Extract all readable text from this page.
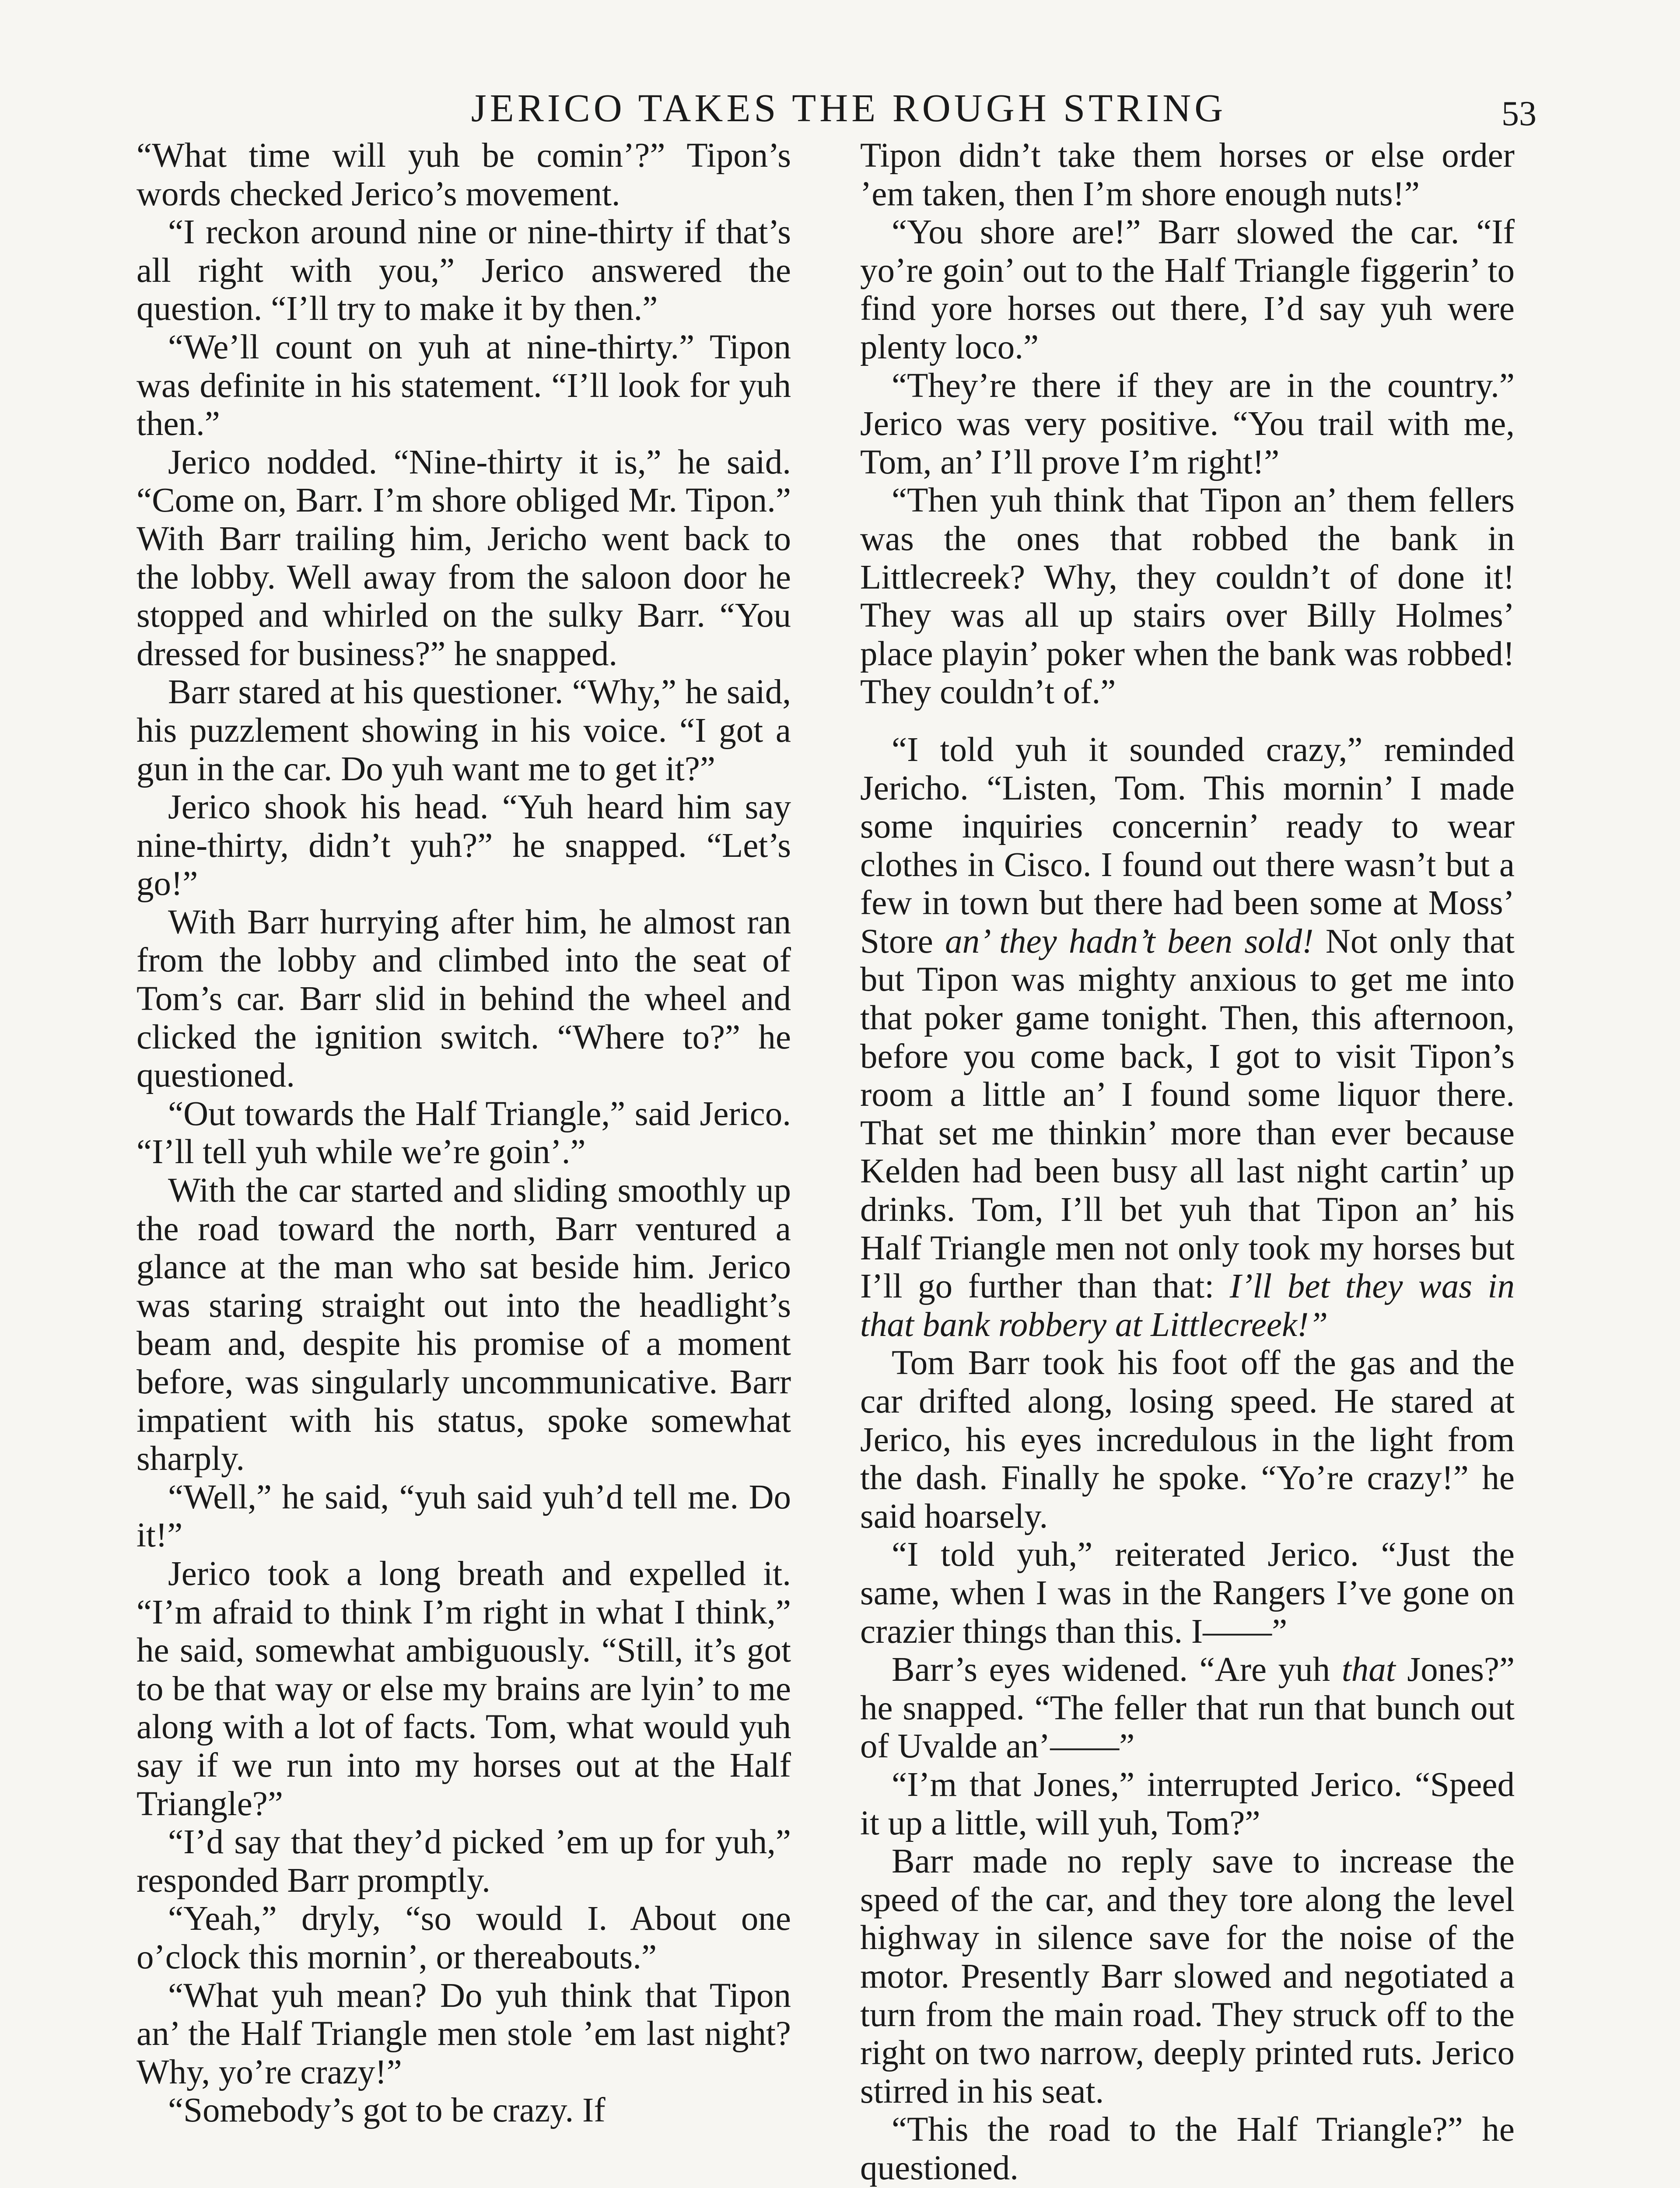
JERICO TAKES THE ROUGH STRING	53

“What time will yuh be comin’?” Tipon’s words checked Jerico’s movement.

“I reckon around nine or nine-thirty if that’s all right with you,” Jerico answered the question. “I’ll try to make it by then.”

“We’ll count on yuh at nine-thirty.” Tipon was definite in his statement. “I’ll look for yuh then.”

Jerico nodded. “Nine-thirty it is,” he said. “Come on, Barr. I’m shore obliged Mr. Tipon.” With Barr trailing him, Jericho went back to the lobby. Well away from the saloon door he stopped and whirled on the sulky Barr. “You dressed for business?” he snapped.

Barr stared at his questioner. “Why,” he said, his puzzlement showing in his voice. “I got a gun in the car. Do yuh want me to get it?”

Jerico shook his head. “Yuh heard him say nine-thirty, didn’t yuh?” he snapped. “Let’s go!”

With Barr hurrying after him, he almost ran from the lobby and climbed into the seat of Tom’s car. Barr slid in behind the wheel and clicked the ignition switch. “Where to?” he questioned.

“Out towards the Half Triangle,” said Jerico. “I’ll tell yuh while we’re goin’.”

With the car started and sliding smoothly up the road toward the north, Barr ventured a glance at the man who sat beside him. Jerico was staring straight out into the headlight’s beam and, despite his promise of a moment before, was singularly uncommunicative. Barr impatient with his status, spoke somewhat sharply.

“Well,” he said, “yuh said yuh’d tell me. Do it!”

Jerico took a long breath and expelled it. “I’m afraid to think I’m right in what I think,” he said, somewhat ambiguously. “Still, it’s got to be that way or else my brains are lyin’ to me along with a lot of facts. Tom, what would yuh say if we run into my horses out at the Half Triangle?”

“I’d say that they’d picked ’em up for yuh,” responded Barr promptly.

“Yeah,” dryly, “so would I. About one o’clock this mornin’, or thereabouts.”

“What yuh mean? Do yuh think that Tipon an’ the Half Triangle men stole ’em last night? Why, yo’re crazy!”

“Somebody’s got to be crazy. If

Tipon didn’t take them horses or else order ’em taken, then I’m shore enough nuts!”

“You shore are!” Barr slowed the car. “If yo’re goin’ out to the Half Triangle figgerin’ to find yore horses out there, I’d say yuh were plenty loco.”

“They’re there if they are in the country.” Jerico was very positive. “You trail with me, Tom, an’ I’ll prove I’m right!”

“Then yuh think that Tipon an’ them fellers was the ones that robbed the bank in Littlecreek? Why, they couldn’t of done it! They was all up stairs over Billy Holmes’ place playin’ poker when the bank was robbed! They couldn’t of.”

“I told yuh it sounded crazy,” reminded Jericho. “Listen, Tom. This mornin’ I made some inquiries concernin’ ready to wear clothes in Cisco. I found out there wasn’t but a few in town but there had been some at Moss’ Store an’ they hadn’t been sold! Not only that but Tipon was mighty anxious to get me into that poker game tonight. Then, this afternoon, before you come back, I got to visit Tipon’s room a little an’ I found some liquor there. That set me thinkin’ more than ever because Kelden had been busy all last night cartin’ up drinks. Tom, I’ll bet yuh that Tipon an’ his Half Triangle men not only took my horses but I’ll go further than that: I’ll bet they was in that bank robbery at Littlecreek!”

Tom Barr took his foot off the gas and the car drifted along, losing speed. He stared at Jerico, his eyes incredulous in the light from the dash. Finally he spoke. “Yo’re crazy!” he said hoarsely.

“I told yuh,” reiterated Jerico. “Just the same, when I was in the Rangers I’ve gone on crazier things than this. I——”

Barr’s eyes widened. “Are yuh that Jones?” he snapped. “The feller that run that bunch out of Uvalde an’——”

“I’m that Jones,” interrupted Jerico. “Speed it up a little, will yuh, Tom?”

Barr made no reply save to increase the speed of the car, and they tore along the level highway in silence save for the noise of the motor. Presently Barr slowed and negotiated a turn from the main road. They struck off to the right on two narrow, deeply printed ruts. Jerico stirred in his seat.

“This the road to the Half Triangle?” he questioned.
